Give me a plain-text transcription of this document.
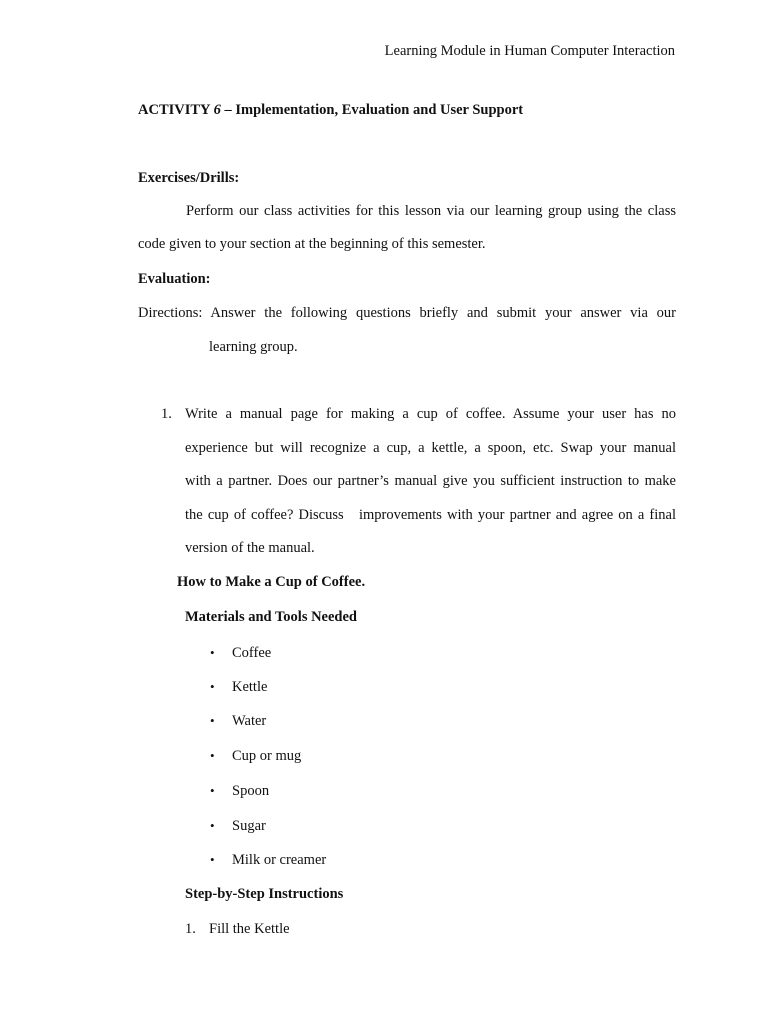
Learning Module in Human Computer Interaction
ACTIVITY 6 – Implementation, Evaluation and User Support
Exercises/Drills:
Perform our class activities for this lesson via our learning group using the class
code given to your section at the beginning of this semester.
Evaluation:
Directions: Answer the following questions briefly and submit your answer via our
learning group.
1. Write a manual page for making a cup of coffee. Assume your user has no
experience but will recognize a cup, a kettle, a spoon, etc. Swap your manual
with a partner. Does our partner’s manual give you sufficient instruction to make
the cup of coffee? Discuss   improvements with your partner and agree on a final
version of the manual.
How to Make a Cup of Coffee.
Materials and Tools Needed
• Coffee
• Kettle
• Water
• Cup or mug
• Spoon
• Sugar
• Milk or creamer
Step-by-Step Instructions
1. Fill the Kettle
